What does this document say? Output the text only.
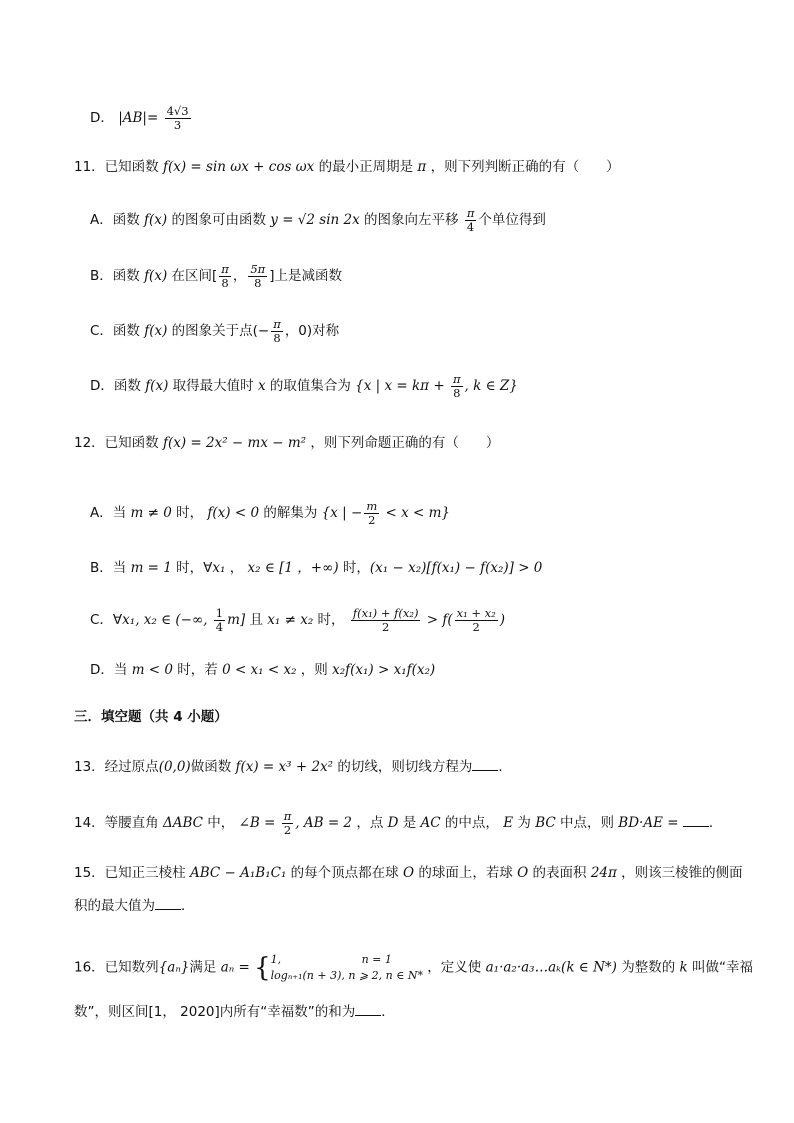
D． $|AB|= \frac{4√3}{3}$
11．已知函数 f(x) = sin ωx + cos ωx 的最小正周期是 π ，则下列判断正确的有（　　）
A．函数 f(x) 的图象可由函数 y = √2 sin 2x 的图象向左平移 $\frac{\pi}{4}$ 个单位得到
B．函数 f(x) 在区间[ $\frac{\pi}{8}$ ， $\frac{5\pi}{8}$ ]上是减函数
C．函数 f(x) 的图象关于点(− $\frac{\pi}{8}$ ，0)对称
D．函数 f(x) 取得最大值时 x 的取值集合为 {x | $x = k\pi + \frac{\pi}{8}$ , k ∈ Z}
12．已知函数 f(x) = 2x² − mx − m² ，则下列命题正确的有（　　）
A．当 m ≠ 0 时， f(x) < 0 的解集为 {x | − $\frac{m}{2} < x < m$}
B．当 m = 1 时，∀x₁ ， x₂ ∈ [1 ，+∞) 时，(x₁ − x₂)[f(x₁) − f(x₂)] > 0
C．∀x₁, x₂ ∈ (−∞, $\frac{1}{4} m$] 且 x₁ ≠ x₂ 时， $\frac{\text{f(x₁) + f(x₂)}}{2} > f( \frac{\text{x₁ + x₂}}{2}$ )
D．当 m < 0 时，若 0 < x₁ < x₂ ，则 x₂f(x₁) > x₁f(x₂)
三．填空题（共 4 小题）
13．经过原点(0,0)做函数 f(x) = x³ + 2x² 的切线，则切线方程为 ．
14．等腰直角 ΔABC 中， ∠B = $\frac{\pi}{2}$ , AB = 2 ，点 D 是 AC 的中点， E 为 BC 中点，则 BD·AE = ．
15．已知正三棱柱 ABC − A₁B₁C₁ 的每个顶点都在球 O 的球面上，若球 O 的表面积 24π ，则该三棱锥的侧面
积的最大值为 ．
16．已知数列{aₙ}满足 aₙ = { 1,                       n = 1
logₙ₊₁(n + 3), n ⩾ 2, n ∈ N* ，定义使 a₁·a₂·a₃…aₖ(k ∈ N*) 为整数的 k 叫做“幸福
数”，则区间[1， 2020]内所有“幸福数”的和为 ．
